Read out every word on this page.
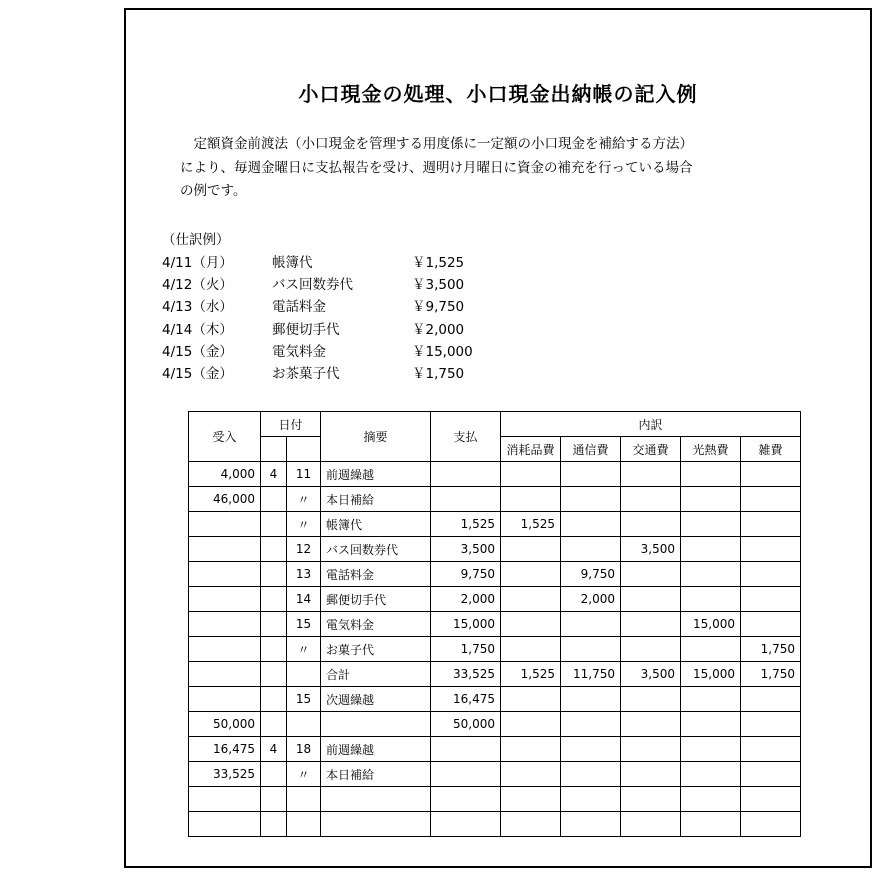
小口現金の処理、小口現金出納帳の記入例
定額資金前渡法（小口現金を管理する用度係に一定額の小口現金を補給する方法）
により、毎週金曜日に支払報告を受け、週明け月曜日に資金の補充を行っている場合
の例です。
（仕訳例）
4/11（月）	帳簿代	￥1,525
4/12（火）	バス回数券代	￥3,500
4/13（水）	電話料金	￥9,750
4/14（木）	郵便切手代	￥2,000
4/15（金）	電気料金	￥15,000
4/15（金）	お茶菓子代	￥1,750
受入	日付		摘要	支払	内訳				
					消耗品費	通信費	交通費	光熱費	雑費
4,000	4	11	前週繰越						
46,000		〃	本日補給						
		〃	帳簿代	1,525	1,525				
		12	バス回数券代	3,500			3,500		
		13	電話料金	9,750		9,750			
		14	郵便切手代	2,000		2,000			
		15	電気料金	15,000				15,000	
		〃	お菓子代	1,750					1,750
			合計	33,525	1,525	11,750	3,500	15,000	1,750
		15	次週繰越	16,475					
50,000				50,000					
16,475	4	18	前週繰越						
33,525		〃	本日補給						
